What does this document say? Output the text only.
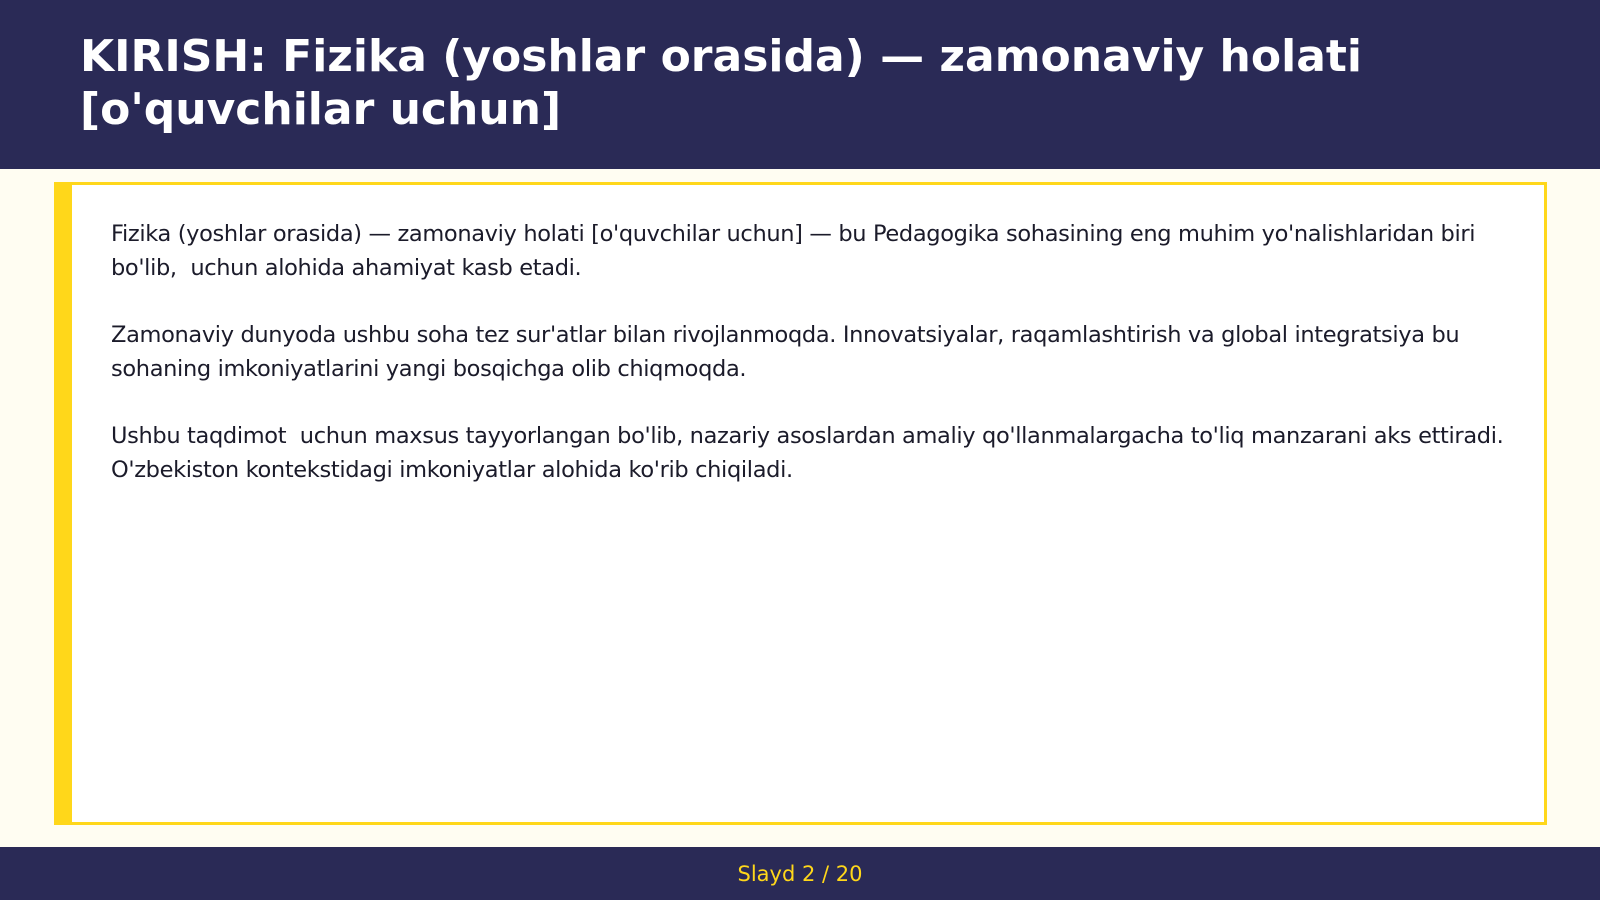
KIRISH: Fizika (yoshlar orasida) — zamonaviy holati [o'quvchilar uchun]

Fizika (yoshlar orasida) — zamonaviy holati [o'quvchilar uchun] — bu Pedagogika sohasining eng muhim yo'nalishlaridan biri bo'lib,  uchun alohida ahamiyat kasb etadi.

Zamonaviy dunyoda ushbu soha tez sur'atlar bilan rivojlanmoqda. Innovatsiyalar, raqamlashtirish va global integratsiya bu sohaning imkoniyatlarini yangi bosqichga olib chiqmoqda.

Ushbu taqdimot  uchun maxsus tayyorlangan bo'lib, nazariy asoslardan amaliy qo'llanmalargacha to'liq manzarani aks ettiradi. O'zbekiston kontekstidagi imkoniyatlar alohida ko'rib chiqiladi.

Slayd 2 / 20
